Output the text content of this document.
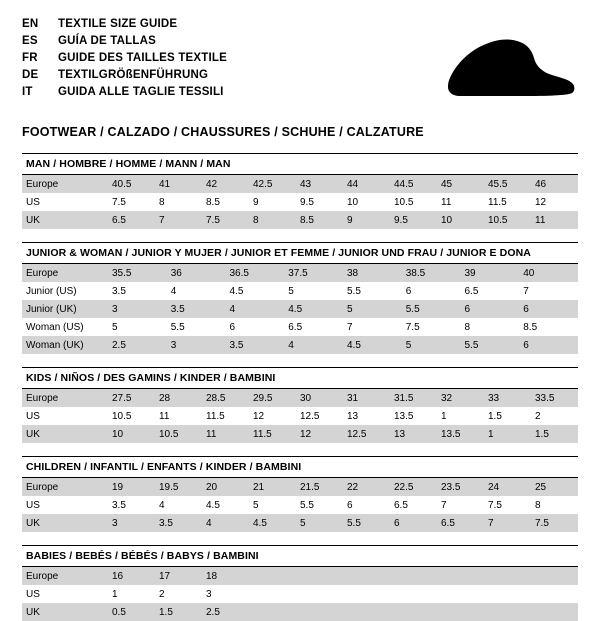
EN	TEXTILE SIZE GUIDE
ES	GUÍA DE TALLAS
FR	GUIDE DES TAILLES TEXTILE
DE	TEXTILGRÖßENFÜHRUNG
IT	GUIDA ALLE TAGLIE TESSILI
FOOTWEAR / CALZADO / CHAUSSURES / SCHUHE / CALZATURE
MAN / HOMBRE / HOMME / MANN / MAN
Europe	40.5	41	42	42.5	43	44	44.5	45	45.5	46
US	7.5	8	8.5	9	9.5	10	10.5	11	11.5	12
UK	6.5	7	7.5	8	8.5	9	9.5	10	10.5	11
JUNIOR & WOMAN / JUNIOR Y MUJER / JUNIOR ET FEMME / JUNIOR UND FRAU / JUNIOR E DONA
Europe	35.5	36	36.5	37.5	38	38.5	39	40
Junior (US)	3.5	4	4.5	5	5.5	6	6.5	7
Junior (UK)	3	3.5	4	4.5	5	5.5	6	6
Woman (US)	5	5.5	6	6.5	7	7.5	8	8.5
Woman (UK)	2.5	3	3.5	4	4.5	5	5.5	6
KIDS / NIÑOS / DES GAMINS / KINDER / BAMBINI
Europe	27.5	28	28.5	29.5	30	31	31.5	32	33	33.5
US	10.5	11	11.5	12	12.5	13	13.5	1	1.5	2
UK	10	10.5	11	11.5	12	12.5	13	13.5	1	1.5
CHILDREN / INFANTIL / ENFANTS / KINDER / BAMBINI
Europe	19	19.5	20	21	21.5	22	22.5	23.5	24	25
US	3.5	4	4.5	5	5.5	6	6.5	7	7.5	8
UK	3	3.5	4	4.5	5	5.5	6	6.5	7	7.5
BABIES / BEBÉS / BÉBÉS / BABYS / BAMBINI
Europe	16	17	18							
US	1	2	3							
UK	0.5	1.5	2.5							
